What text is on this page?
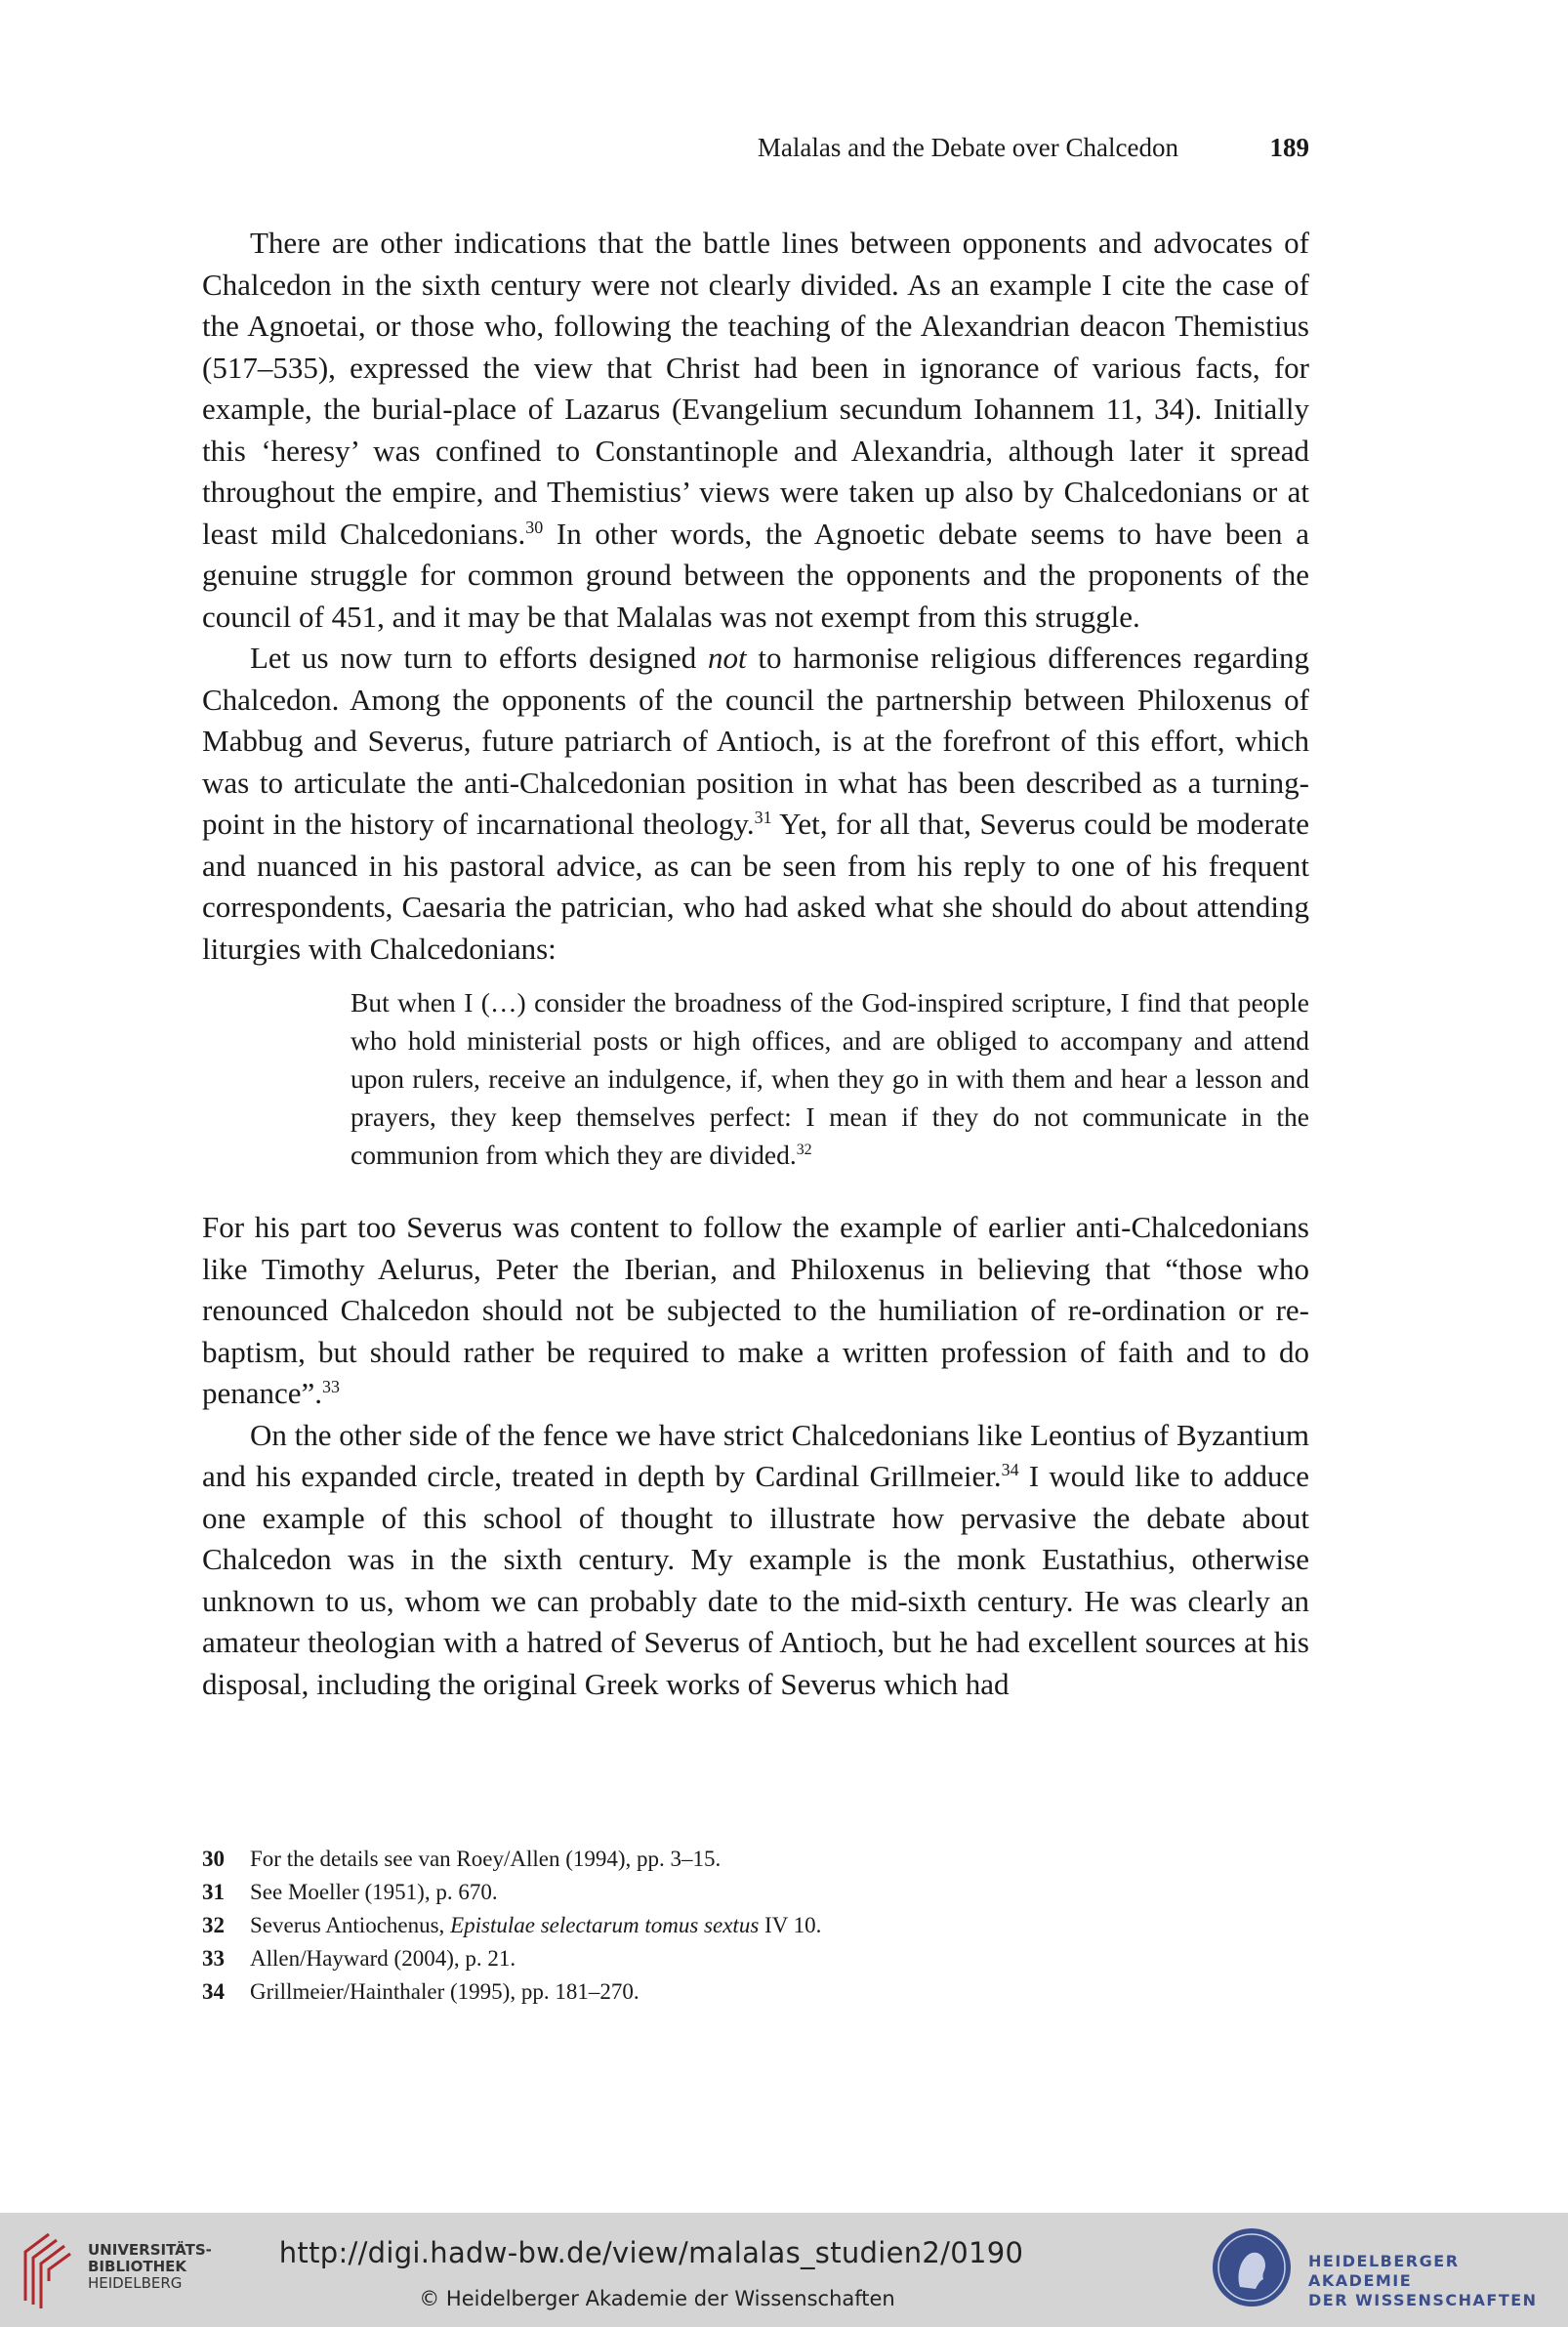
Malalas and the Debate over Chalcedon	189

There are other indications that the battle lines between opponents and advocates of Chalcedon in the sixth century were not clearly divided. As an example I cite the case of the Agnoetai, or those who, following the teaching of the Alexandrian deacon Themistius (517–535), expressed the view that Christ had been in ignorance of various facts, for example, the burial-place of Lazarus (Evangelium secundum Iohannem 11, 34). Initially this ‘heresy’ was confined to Constantinople and Alexandria, although later it spread throughout the empire, and Themistius’ views were taken up also by Chalcedonians or at least mild Chalcedonians.$^{30}$ In other words, the Agnoetic debate seems to have been a genuine struggle for common ground between the opponents and the proponents of the council of 451, and it may be that Malalas was not exempt from this struggle.

Let us now turn to efforts designed not to harmonise religious differences regarding Chalcedon. Among the opponents of the council the partnership between Philoxenus of Mabbug and Severus, future patriarch of Antioch, is at the forefront of this effort, which was to articulate the anti-Chalcedonian position in what has been described as a turning-point in the history of incarnational theology.$^{31}$ Yet, for all that, Severus could be moderate and nuanced in his pastoral advice, as can be seen from his reply to one of his frequent correspondents, Caesaria the patrician, who had asked what she should do about attending liturgies with Chalcedonians:

But when I (…) consider the broadness of the God-inspired scripture, I find that people who hold ministerial posts or high offices, and are obliged to accompany and attend upon rulers, receive an indulgence, if, when they go in with them and hear a lesson and prayers, they keep themselves perfect: I mean if they do not communicate in the communion from which they are divided.$^{32}$

For his part too Severus was content to follow the example of earlier anti-Chalcedonians like Timothy Aelurus, Peter the Iberian, and Philoxenus in believing that “those who renounced Chalcedon should not be subjected to the humiliation of re-ordination or re-baptism, but should rather be required to make a written profession of faith and to do penance”.$^{33}$

On the other side of the fence we have strict Chalcedonians like Leontius of Byzantium and his expanded circle, treated in depth by Cardinal Grillmeier.$^{34}$ I would like to adduce one example of this school of thought to illustrate how pervasive the debate about Chalcedon was in the sixth century. My example is the monk Eustathius, otherwise unknown to us, whom we can probably date to the mid-sixth century. He was clearly an amateur theologian with a hatred of Severus of Antioch, but he had excellent sources at his disposal, including the original Greek works of Severus which had

30 For the details see van Roey/Allen (1994), pp. 3–15.
31 See Moeller (1951), p. 670.
32 Severus Antiochenus, Epistulae selectarum tomus sextus IV 10.
33 Allen/Hayward (2004), p. 21.
34 Grillmeier/Hainthaler (1995), pp. 181–270.
UNIVERSITÄTS-
BIBLIOTHEK
HEIDELBERG
http://digi.hadw-bw.de/view/malalas_studien2/0190
© Heidelberger Akademie der Wissenschaften
HEIDELBERGER AKADEMIE
DER WISSENSCHAFTEN
